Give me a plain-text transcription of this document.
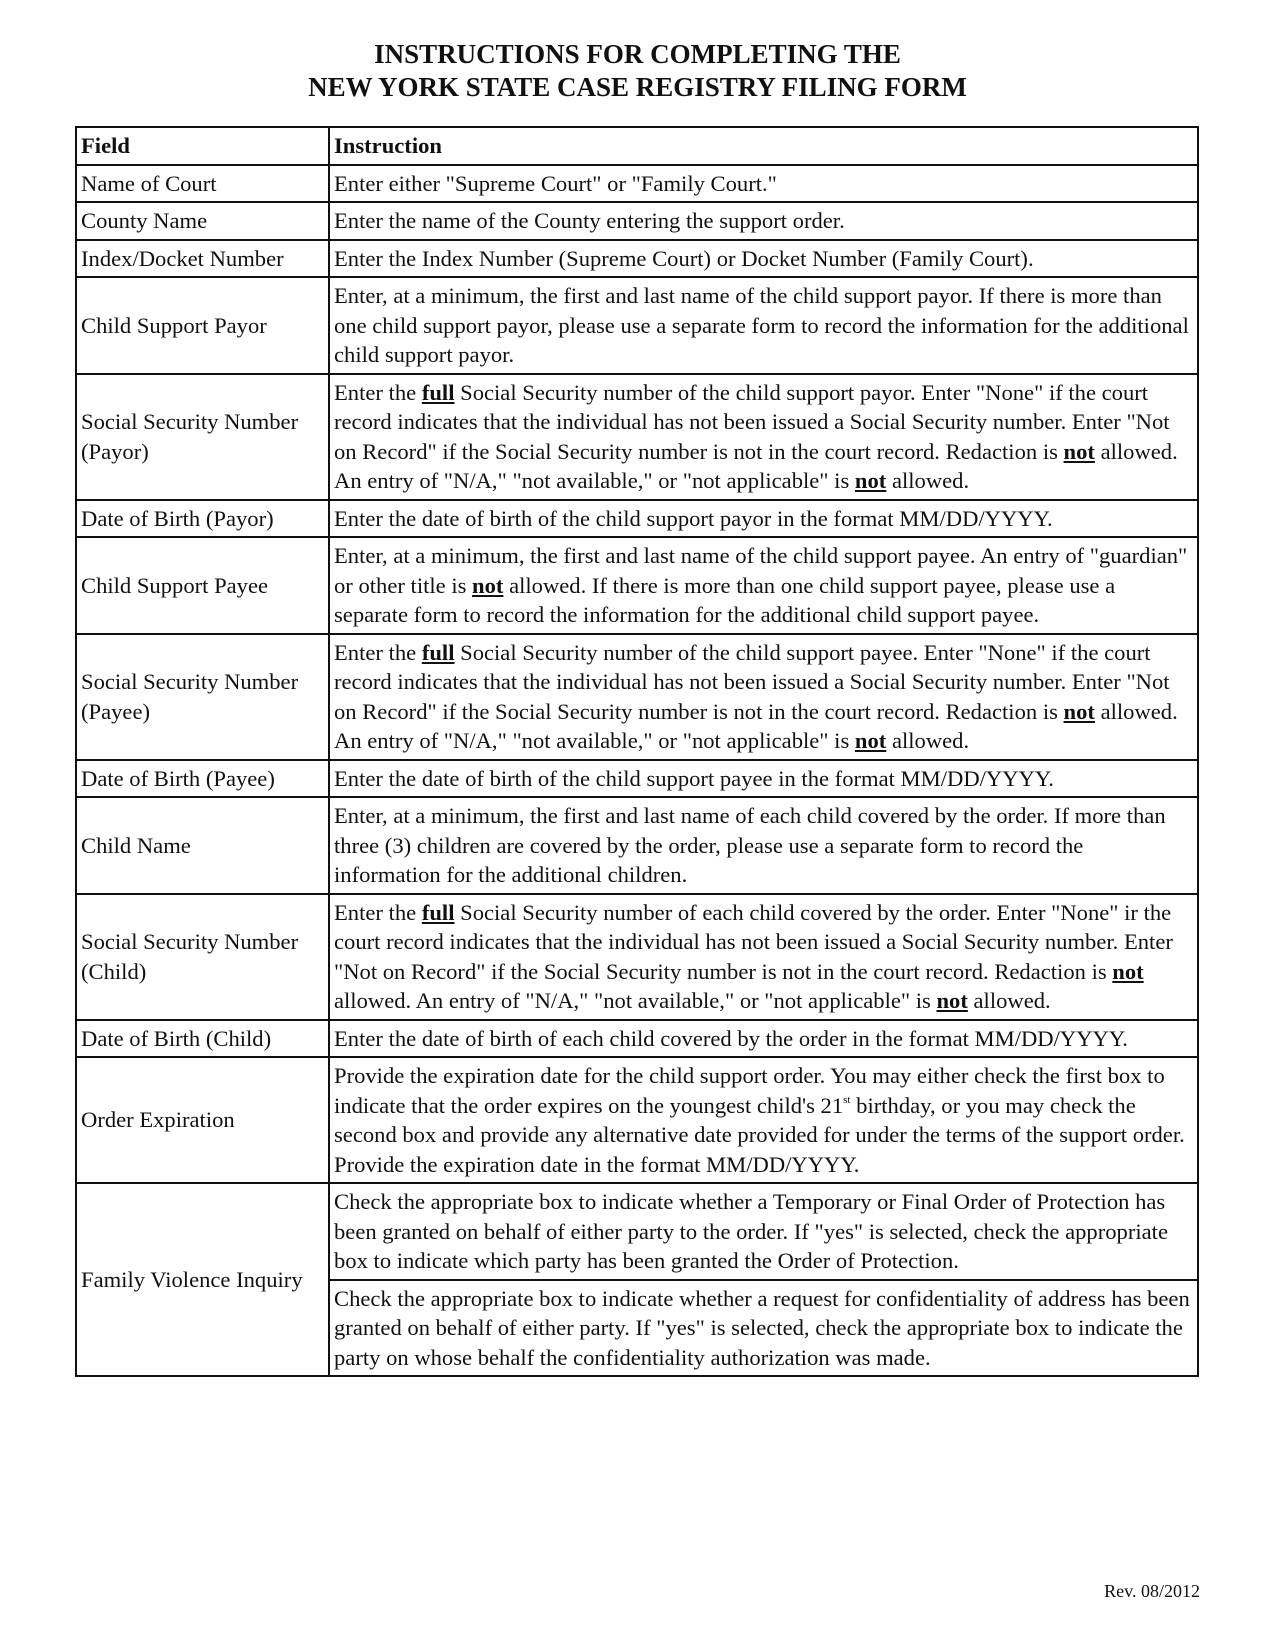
INSTRUCTIONS FOR COMPLETING THE
NEW YORK STATE CASE REGISTRY FILING FORM
Field	Instruction
Name of Court	Enter either "Supreme Court" or "Family Court."
County Name	Enter the name of the County entering the support order.
Index/Docket Number	Enter the Index Number (Supreme Court) or Docket Number (Family Court).
Child Support Payor	Enter, at a minimum, the first and last name of the child support payor. If there is more than one child support payor, please use a separate form to record the information for the additional child support payor.
Social Security Number (Payor)	Enter the full Social Security number of the child support payor. Enter "None" if the court record indicates that the individual has not been issued a Social Security number. Enter "Not on Record" if the Social Security number is not in the court record. Redaction is not allowed. An entry of "N/A," "not available," or "not applicable" is not allowed.
Date of Birth (Payor)	Enter the date of birth of the child support payor in the format MM/DD/YYYY.
Child Support Payee	Enter, at a minimum, the first and last name of the child support payee. An entry of "guardian" or other title is not allowed. If there is more than one child support payee, please use a separate form to record the information for the additional child support payee.
Social Security Number (Payee)	Enter the full Social Security number of the child support payee. Enter "None" if the court record indicates that the individual has not been issued a Social Security number. Enter "Not on Record" if the Social Security number is not in the court record. Redaction is not allowed. An entry of "N/A," "not available," or "not applicable" is not allowed.
Date of Birth (Payee)	Enter the date of birth of the child support payee in the format MM/DD/YYYY.
Child Name	Enter, at a minimum, the first and last name of each child covered by the order. If more than three (3) children are covered by the order, please use a separate form to record the information for the additional children.
Social Security Number (Child)	Enter the full Social Security number of each child covered by the order. Enter "None" ir the court record indicates that the individual has not been issued a Social Security number. Enter "Not on Record" if the Social Security number is not in the court record. Redaction is not allowed. An entry of "N/A," "not available," or "not applicable" is not allowed.
Date of Birth (Child)	Enter the date of birth of each child covered by the order in the format MM/DD/YYYY.
Order Expiration	Provide the expiration date for the child support order. You may either check the first box to indicate that the order expires on the youngest child's 21st birthday, or you may check the second box and provide any alternative date provided for under the terms of the support order. Provide the expiration date in the format MM/DD/YYYY.
Family Violence Inquiry	Check the appropriate box to indicate whether a Temporary or Final Order of Protection has been granted on behalf of either party to the order. If "yes" is selected, check the appropriate box to indicate which party has been granted the Order of Protection.
	Check the appropriate box to indicate whether a request for confidentiality of address has been granted on behalf of either party. If "yes" is selected, check the appropriate box to indicate the party on whose behalf the confidentiality authorization was made.
Rev. 08/2012
